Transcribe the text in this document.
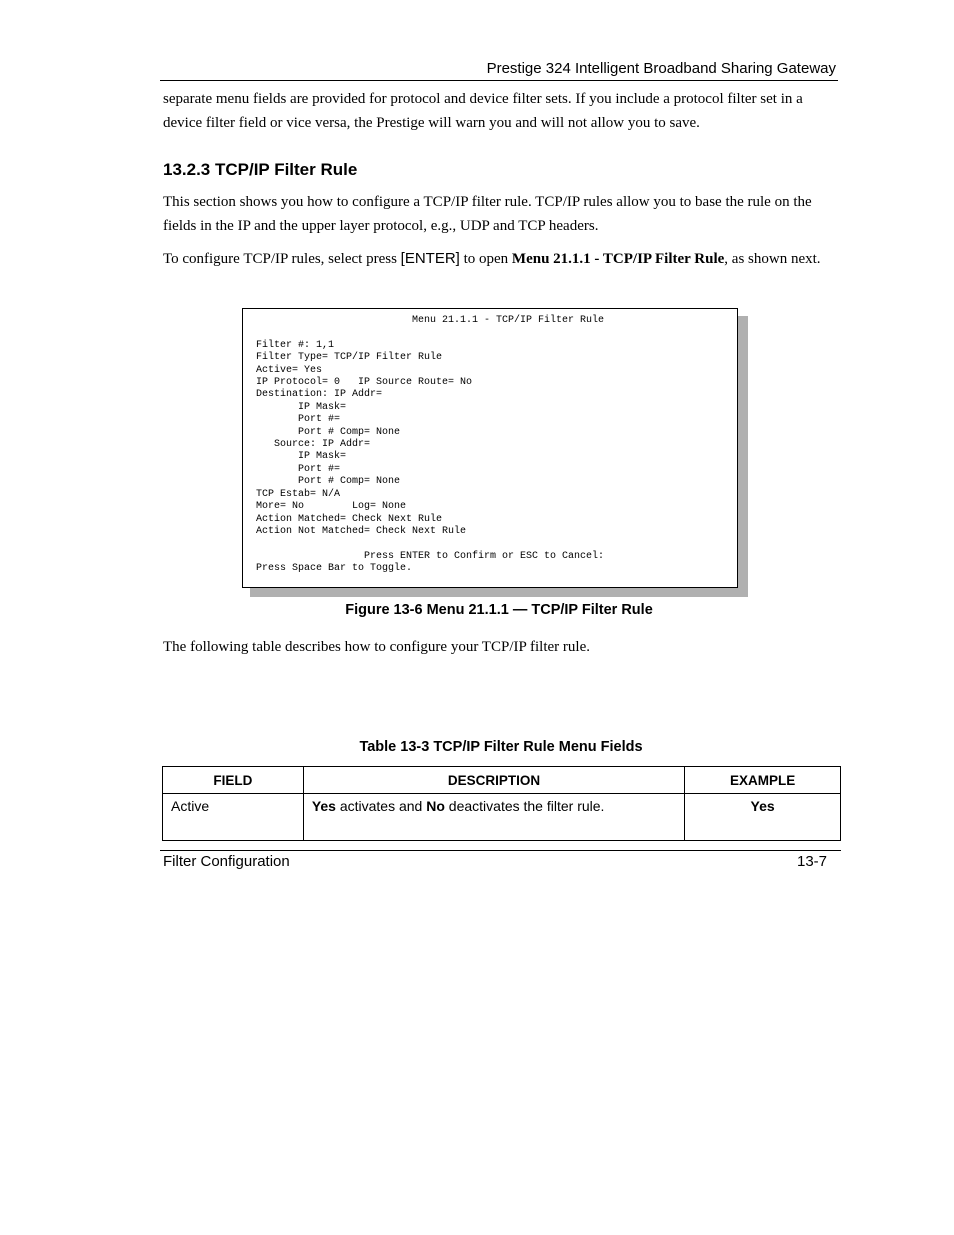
Prestige 324 Intelligent Broadband Sharing Gateway

separate menu fields are provided for protocol and device filter sets. If you include a protocol filter set in a device filter field or vice versa, the Prestige will warn you and will not allow you to save.

13.2.3 TCP/IP Filter Rule

This section shows you how to configure a TCP/IP filter rule. TCP/IP rules allow you to base the rule on the fields in the IP and the upper layer protocol, e.g., UDP and TCP headers.

To configure TCP/IP rules, select press [ENTER] to open Menu 21.1.1 - TCP/IP Filter Rule, as shown next.

Menu 21.1.1 - TCP/IP Filter Rule

Filter #: 1,1
Filter Type= TCP/IP Filter Rule
Active= Yes
IP Protocol= 0   IP Source Route= No
Destination: IP Addr=
IP Mask=
Port #=
Port # Comp= None
Source: IP Addr=
IP Mask=
Port #=
Port # Comp= None
TCP Estab= N/A
More= No        Log= None
Action Matched= Check Next Rule
Action Not Matched= Check Next Rule

Press ENTER to Confirm or ESC to Cancel:
Press Space Bar to Toggle.
Figure 13-6 Menu 21.1.1 — TCP/IP Filter Rule

The following table describes how to configure your TCP/IP filter rule.

Table 13-3 TCP/IP Filter Rule Menu Fields
FIELD	DESCRIPTION	EXAMPLE
Active	Yes activates and No deactivates the filter rule.	Yes
Filter Configuration	13-7
